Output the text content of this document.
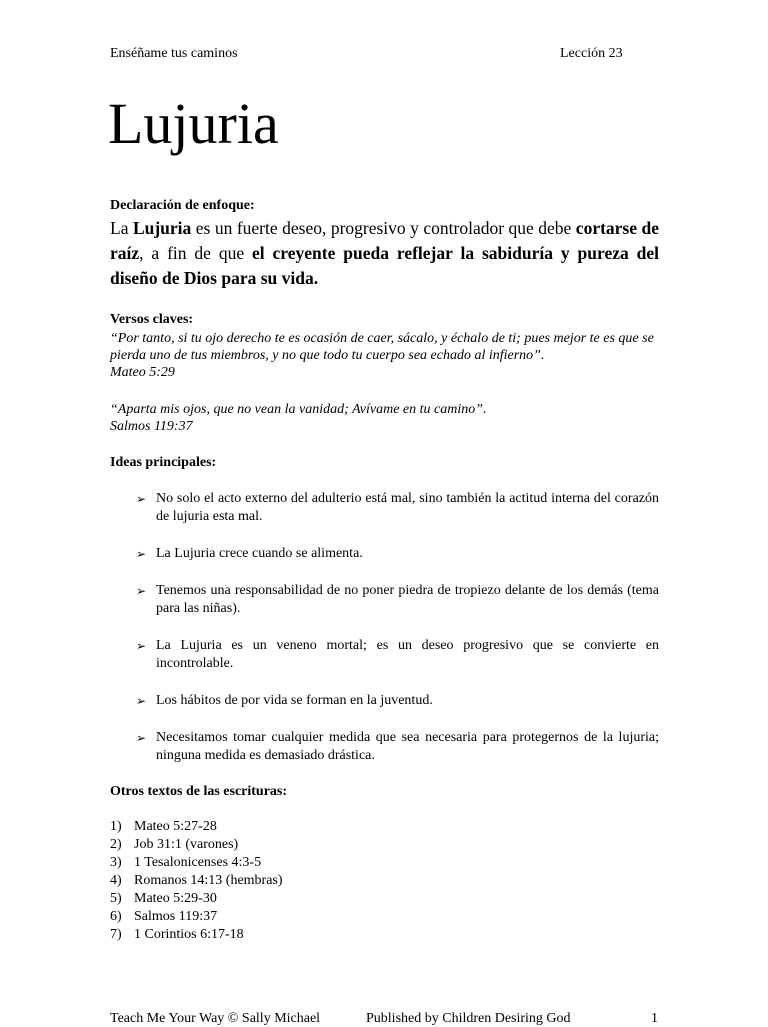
Enséñame tus caminos	Lección 23
Lujuria
Declaración de enfoque:
La Lujuria es un fuerte deseo, progresivo y controlador que debe cortarse de raíz, a fin de que el creyente pueda reflejar la sabiduría y pureza del diseño de Dios para su vida.
Versos claves:
“Por tanto, si tu ojo derecho te es ocasión de caer, sácalo, y échalo de ti; pues mejor te es que se pierda uno de tus miembros, y no que todo tu cuerpo sea echado al infierno”.
Mateo 5:29
“Aparta mis ojos, que no vean la vanidad; Avívame en tu camino”.
Salmos 119:37
Ideas principales:
➢ No solo el acto externo del adulterio está mal, sino también la actitud interna del corazón de lujuria esta mal.
➢ La Lujuria crece cuando se alimenta.
➢ Tenemos una responsabilidad de no poner piedra de tropiezo delante de los demás (tema para las niñas).
➢ La Lujuria es un veneno mortal; es un deseo progresivo que se convierte en incontrolable.
➢ Los hábitos de por vida se forman en la juventud.
➢ Necesitamos tomar cualquier medida que sea necesaria para protegernos de la lujuria; ninguna medida es demasiado drástica.
Otros textos de las escrituras:
1) Mateo 5:27-28
2) Job 31:1 (varones)
3) 1 Tesalonicenses 4:3-5
4) Romanos 14:13 (hembras)
5) Mateo 5:29-30
6) Salmos 119:37
7) 1 Corintios 6:17-18
Teach Me Your Way © Sally Michael	Published by Children Desiring God	1
